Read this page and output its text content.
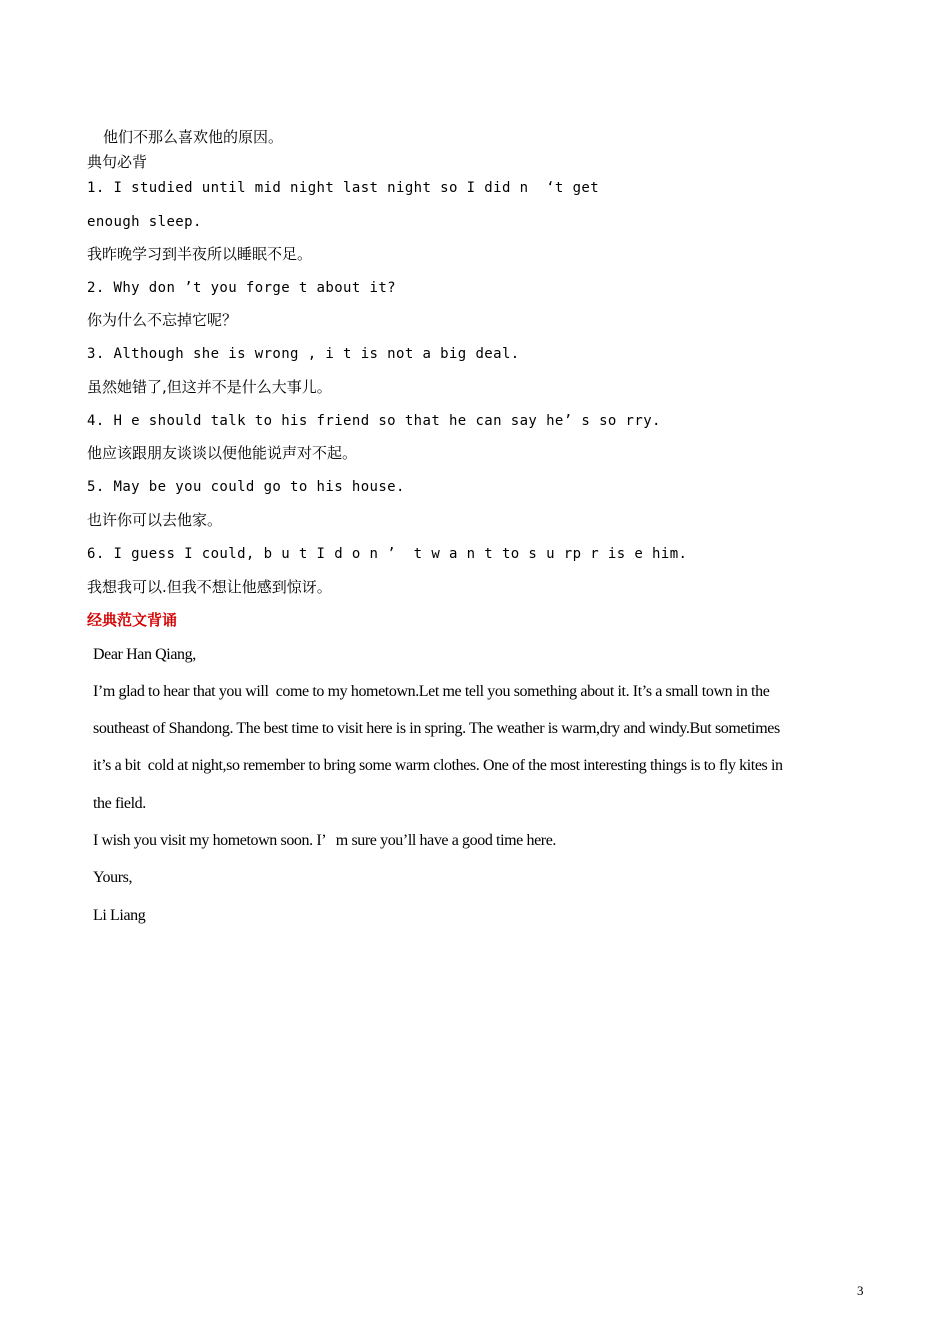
他们不那么喜欢他的原因。
典句必背
1. I studied until mid night last night so I did n  ‘t get
enough sleep.
我昨晚学习到半夜所以睡眠不足。
2. Why don ’t you forge t about it?
你为什么不忘掉它呢？
3. Although she is wrong , i t is not a big deal.
虽然她错了,但这并不是什么大事儿。
4. H e should talk to his friend so that he can say he’ s so rry.
他应该跟朋友谈谈以便他能说声对不起。
5. May be you could go to his house.
也许你可以去他家。
6. I guess I could, b u t I d o n ’  t w a n t to s u rp r is e him.
我想我可以.但我不想让他感到惊讶。
经典范文背诵
Dear Han Qiang,
I’m glad to hear that you will  come to my hometown.Let me tell you something about it. It’s a small town in the
southeast of Shandong. The best time to visit here is in spring. The weather is warm,dry and windy.But sometimes
it’s a bit  cold at night,so remember to bring some warm clothes. One of the most interesting things is to fly kites in
the field.
I wish you visit my hometown soon. I’   m sure you’ll have a good time here.
Yours,
Li Liang
3
